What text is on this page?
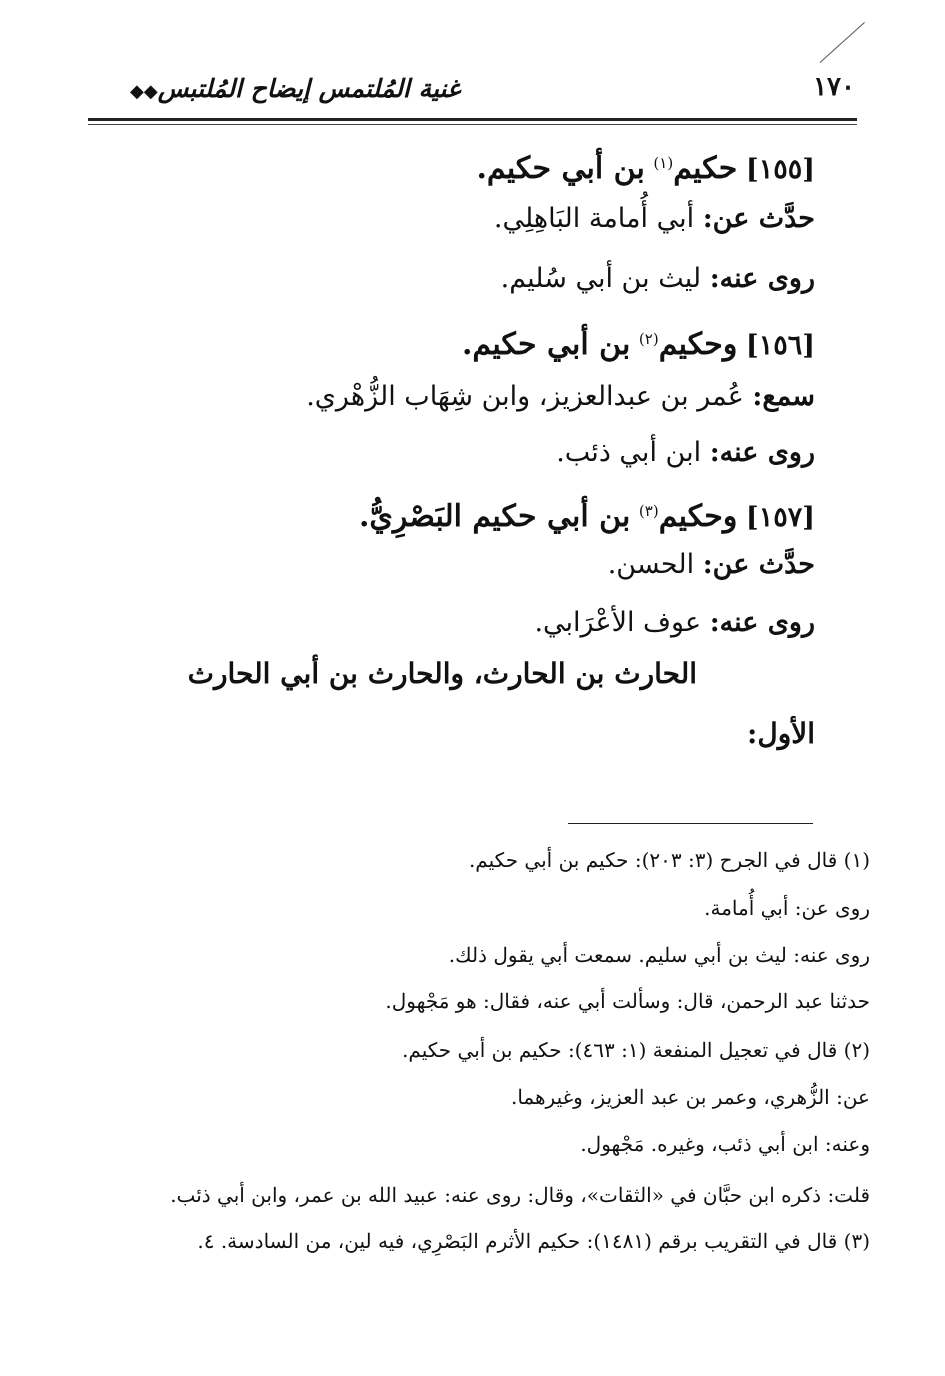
١٧٠
غنية المُلتمس إيضاح المُلتبس◆◆
[١٥٥] حكيم$^{(١)}$ بن أبي حكيم.
حدَّث عن: أبي أُمامة البَاهِلِي.
روى عنه: ليث بن أبي سُليم.
[١٥٦] وحكيم$^{(٢)}$ بن أبي حكيم.
سمع: عُمر بن عبدالعزيز، وابن شِهَاب الزُّهْري.
روى عنه: ابن أبي ذئب.
[١٥٧] وحكيم$^{(٣)}$ بن أبي حكيم البَصْرِيُّ.
حدَّث عن: الحسن.
روى عنه: عوف الأعْرَابي.
الحارث بن الحارث، والحارث بن أبي الحارث
الأول:
(١) قال في الجرح (٣: ٢٠٣): حكيم بن أبي حكيم.
روى عن: أبي أُمامة.
روى عنه: ليث بن أبي سليم. سمعت أبي يقول ذلك.
حدثنا عبد الرحمن، قال: وسألت أبي عنه، فقال: هو مَجْهول.
(٢) قال في تعجيل المنفعة (١: ٤٦٣): حكيم بن أبي حكيم.
عن: الزُّهري، وعمر بن عبد العزيز، وغيرهما.
وعنه: ابن أبي ذئب، وغيره. مَجْهول.
قلت: ذكره ابن حبَّان في «الثقات»، وقال: روى عنه: عبيد الله بن عمر، وابن أبي ذئب.
(٣) قال في التقريب برقم (١٤٨١): حكيم الأثرم البَصْرِي، فيه لين، من السادسة. ٤.
